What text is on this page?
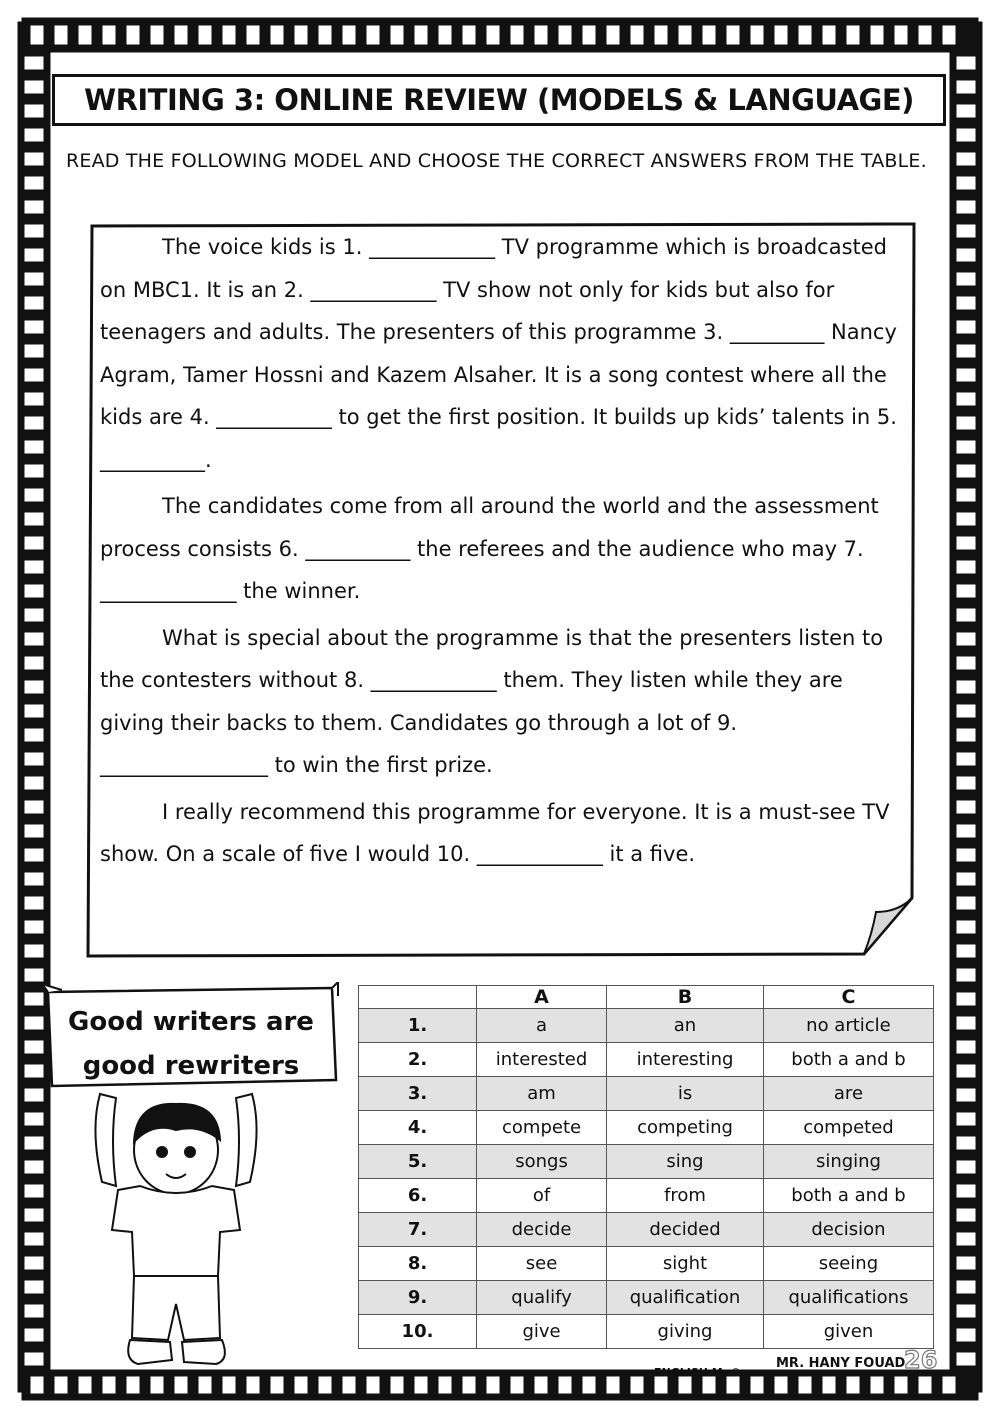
WRITING 3: ONLINE REVIEW (MODELS & LANGUAGE)
READ THE FOLLOWING MODEL AND CHOOSE THE CORRECT ANSWERS FROM THE TABLE.

The voice kids is 1. ____________ TV programme which is broadcasted on MBC1. It is an 2. ____________ TV show not only for kids but also for teenagers and adults. The presenters of this programme 3. _________ Nancy Agram, Tamer Hossni and Kazem Alsaher. It is a song contest where all the kids are 4. ___________ to get the first position. It builds up kids’ talents in 5. __________.

The candidates come from all around the world and the assessment process consists 6. __________ the referees and the audience who may 7. _____________ the winner.

What is special about the programme is that the presenters listen to the contesters without 8. ____________ them. They listen while they are giving their backs to them. Candidates go through a lot of 9. ________________ to win the first prize.

I really recommend this programme for everyone. It is a must-see TV show. On a scale of five I would 10. ____________ it a five.

Good writers are
good rewriters
	A	B	C
1.	a	an	no article
2.	interested	interesting	both a and b
3.	am	is	are
4.	compete	competing	competed
5.	songs	sing	singing
6.	of	from	both a and b
7.	decide	decided	decision
8.	see	sight	seeing
9.	qualify	qualification	qualifications
10.	give	giving	given
ENGLISH Me®
MR. HANY FOUAD
26
